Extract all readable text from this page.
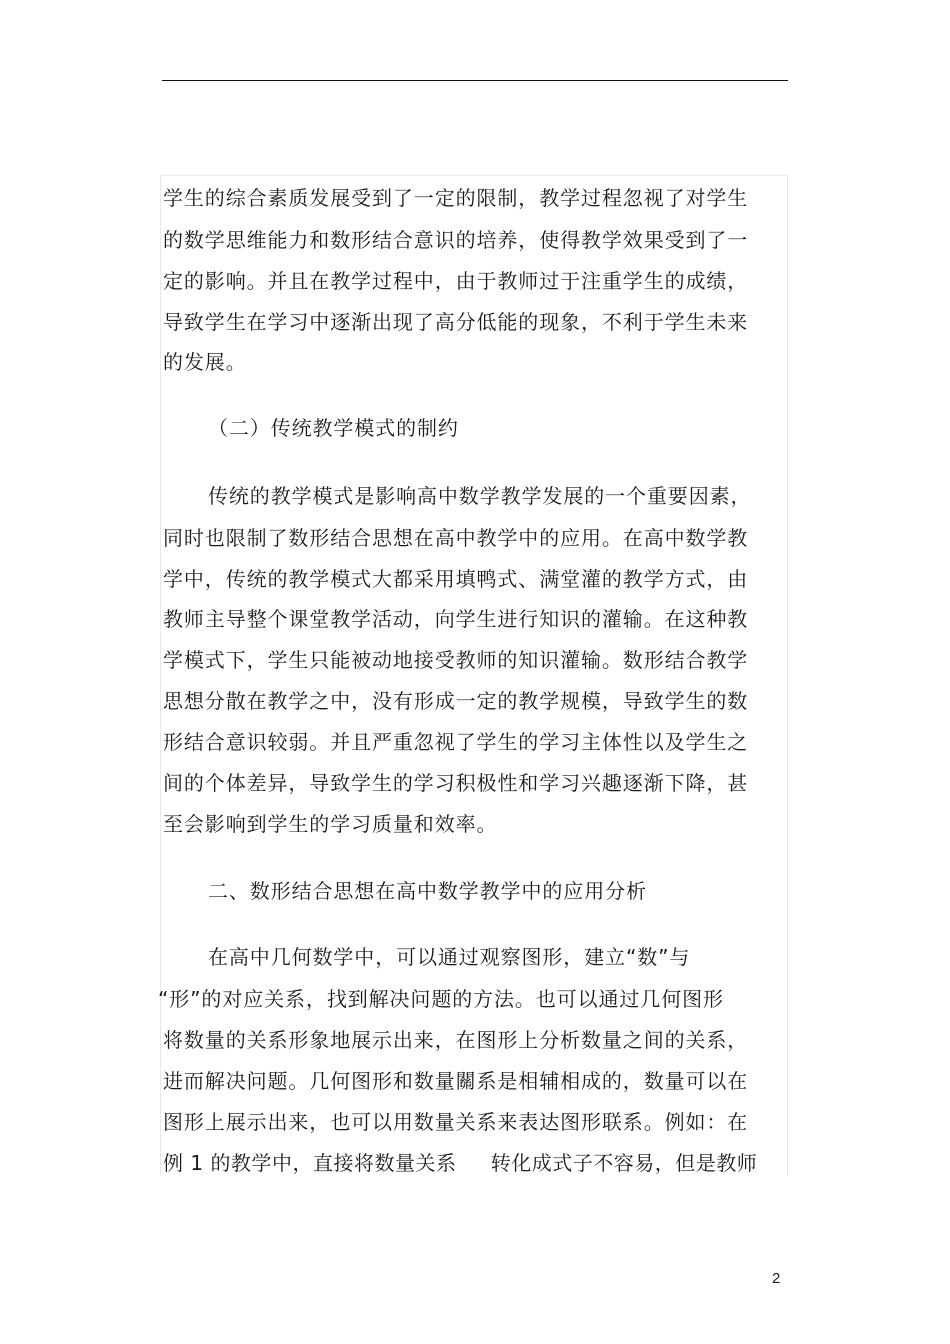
学生的综合素质发展受到了一定的限制，教学过程忽视了对学生
的数学思维能力和数形结合意识的培养，使得教学效果受到了一
定的影响。并且在教学过程中，由于教师过于注重学生的成绩，
导致学生在学习中逐渐出现了高分低能的现象，不利于学生未来
的发展。
（二）传统教学模式的制约
传统的教学模式是影响高中数学教学发展的一个重要因素，
同时也限制了数形结合思想在高中教学中的应用。在高中数学教
学中，传统的教学模式大都采用填鸭式、满堂灌的教学方式，由
教师主导整个课堂教学活动，向学生进行知识的灌输。在这种教
学模式下，学生只能被动地接受教师的知识灌输。数形结合教学
思想分散在教学之中，没有形成一定的教学规模，导致学生的数
形结合意识较弱。并且严重忽视了学生的学习主体性以及学生之
间的个体差异，导致学生的学习积极性和学习兴趣逐渐下降，甚
至会影响到学生的学习质量和效率。
二、数形结合思想在高中数学教学中的应用分析
在高中几何数学中，可以通过观察图形，建立“数”与
“形”的对应关系，找到解决问题的方法。也可以通过几何图形
将数量的关系形象地展示出来，在图形上分析数量之间的关系，
进而解决问题。几何图形和数量關系是相辅相成的，数量可以在
图形上展示出来，也可以用数量关系来表达图形联系。例如：在
例 1 的教学中，直接将数量关系     转化成式子不容易，但是教师
2
